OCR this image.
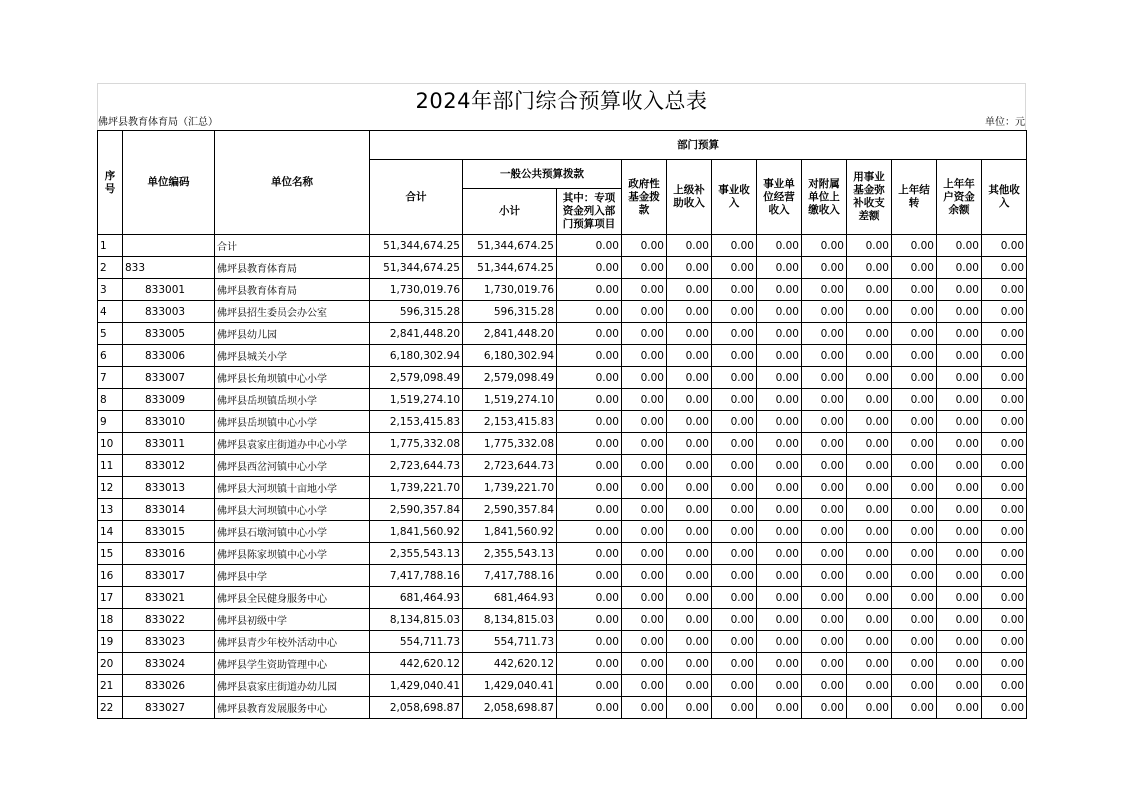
2024年部门综合预算收入总表
佛坪县教育体育局（汇总）	单位：元
序号	单位编码	单位名称	部门预算											
			合计	一般公共预算拨款		政府性基金拨款	上级补助收入	事业收入	事业单位经营收入	对附属单位上缴收入	用事业基金弥补收支差额	上年结转	上年年户资金余额	其他收入
				小计	其中：专项资金列入部门预算项目									
1		合计	51,344,674.25	51,344,674.25	0.00	0.00	0.00	0.00	0.00	0.00	0.00	0.00	0.00	0.00
2	833	佛坪县教育体育局	51,344,674.25	51,344,674.25	0.00	0.00	0.00	0.00	0.00	0.00	0.00	0.00	0.00	0.00
3	833001	佛坪县教育体育局	1,730,019.76	1,730,019.76	0.00	0.00	0.00	0.00	0.00	0.00	0.00	0.00	0.00	0.00
4	833003	佛坪县招生委员会办公室	596,315.28	596,315.28	0.00	0.00	0.00	0.00	0.00	0.00	0.00	0.00	0.00	0.00
5	833005	佛坪县幼儿园	2,841,448.20	2,841,448.20	0.00	0.00	0.00	0.00	0.00	0.00	0.00	0.00	0.00	0.00
6	833006	佛坪县城关小学	6,180,302.94	6,180,302.94	0.00	0.00	0.00	0.00	0.00	0.00	0.00	0.00	0.00	0.00
7	833007	佛坪县长角坝镇中心小学	2,579,098.49	2,579,098.49	0.00	0.00	0.00	0.00	0.00	0.00	0.00	0.00	0.00	0.00
8	833009	佛坪县岳坝镇岳坝小学	1,519,274.10	1,519,274.10	0.00	0.00	0.00	0.00	0.00	0.00	0.00	0.00	0.00	0.00
9	833010	佛坪县岳坝镇中心小学	2,153,415.83	2,153,415.83	0.00	0.00	0.00	0.00	0.00	0.00	0.00	0.00	0.00	0.00
10	833011	佛坪县袁家庄街道办中心小学	1,775,332.08	1,775,332.08	0.00	0.00	0.00	0.00	0.00	0.00	0.00	0.00	0.00	0.00
11	833012	佛坪县西岔河镇中心小学	2,723,644.73	2,723,644.73	0.00	0.00	0.00	0.00	0.00	0.00	0.00	0.00	0.00	0.00
12	833013	佛坪县大河坝镇十亩地小学	1,739,221.70	1,739,221.70	0.00	0.00	0.00	0.00	0.00	0.00	0.00	0.00	0.00	0.00
13	833014	佛坪县大河坝镇中心小学	2,590,357.84	2,590,357.84	0.00	0.00	0.00	0.00	0.00	0.00	0.00	0.00	0.00	0.00
14	833015	佛坪县石墩河镇中心小学	1,841,560.92	1,841,560.92	0.00	0.00	0.00	0.00	0.00	0.00	0.00	0.00	0.00	0.00
15	833016	佛坪县陈家坝镇中心小学	2,355,543.13	2,355,543.13	0.00	0.00	0.00	0.00	0.00	0.00	0.00	0.00	0.00	0.00
16	833017	佛坪县中学	7,417,788.16	7,417,788.16	0.00	0.00	0.00	0.00	0.00	0.00	0.00	0.00	0.00	0.00
17	833021	佛坪县全民健身服务中心	681,464.93	681,464.93	0.00	0.00	0.00	0.00	0.00	0.00	0.00	0.00	0.00	0.00
18	833022	佛坪县初级中学	8,134,815.03	8,134,815.03	0.00	0.00	0.00	0.00	0.00	0.00	0.00	0.00	0.00	0.00
19	833023	佛坪县青少年校外活动中心	554,711.73	554,711.73	0.00	0.00	0.00	0.00	0.00	0.00	0.00	0.00	0.00	0.00
20	833024	佛坪县学生资助管理中心	442,620.12	442,620.12	0.00	0.00	0.00	0.00	0.00	0.00	0.00	0.00	0.00	0.00
21	833026	佛坪县袁家庄街道办幼儿园	1,429,040.41	1,429,040.41	0.00	0.00	0.00	0.00	0.00	0.00	0.00	0.00	0.00	0.00
22	833027	佛坪县教育发展服务中心	2,058,698.87	2,058,698.87	0.00	0.00	0.00	0.00	0.00	0.00	0.00	0.00	0.00	0.00
